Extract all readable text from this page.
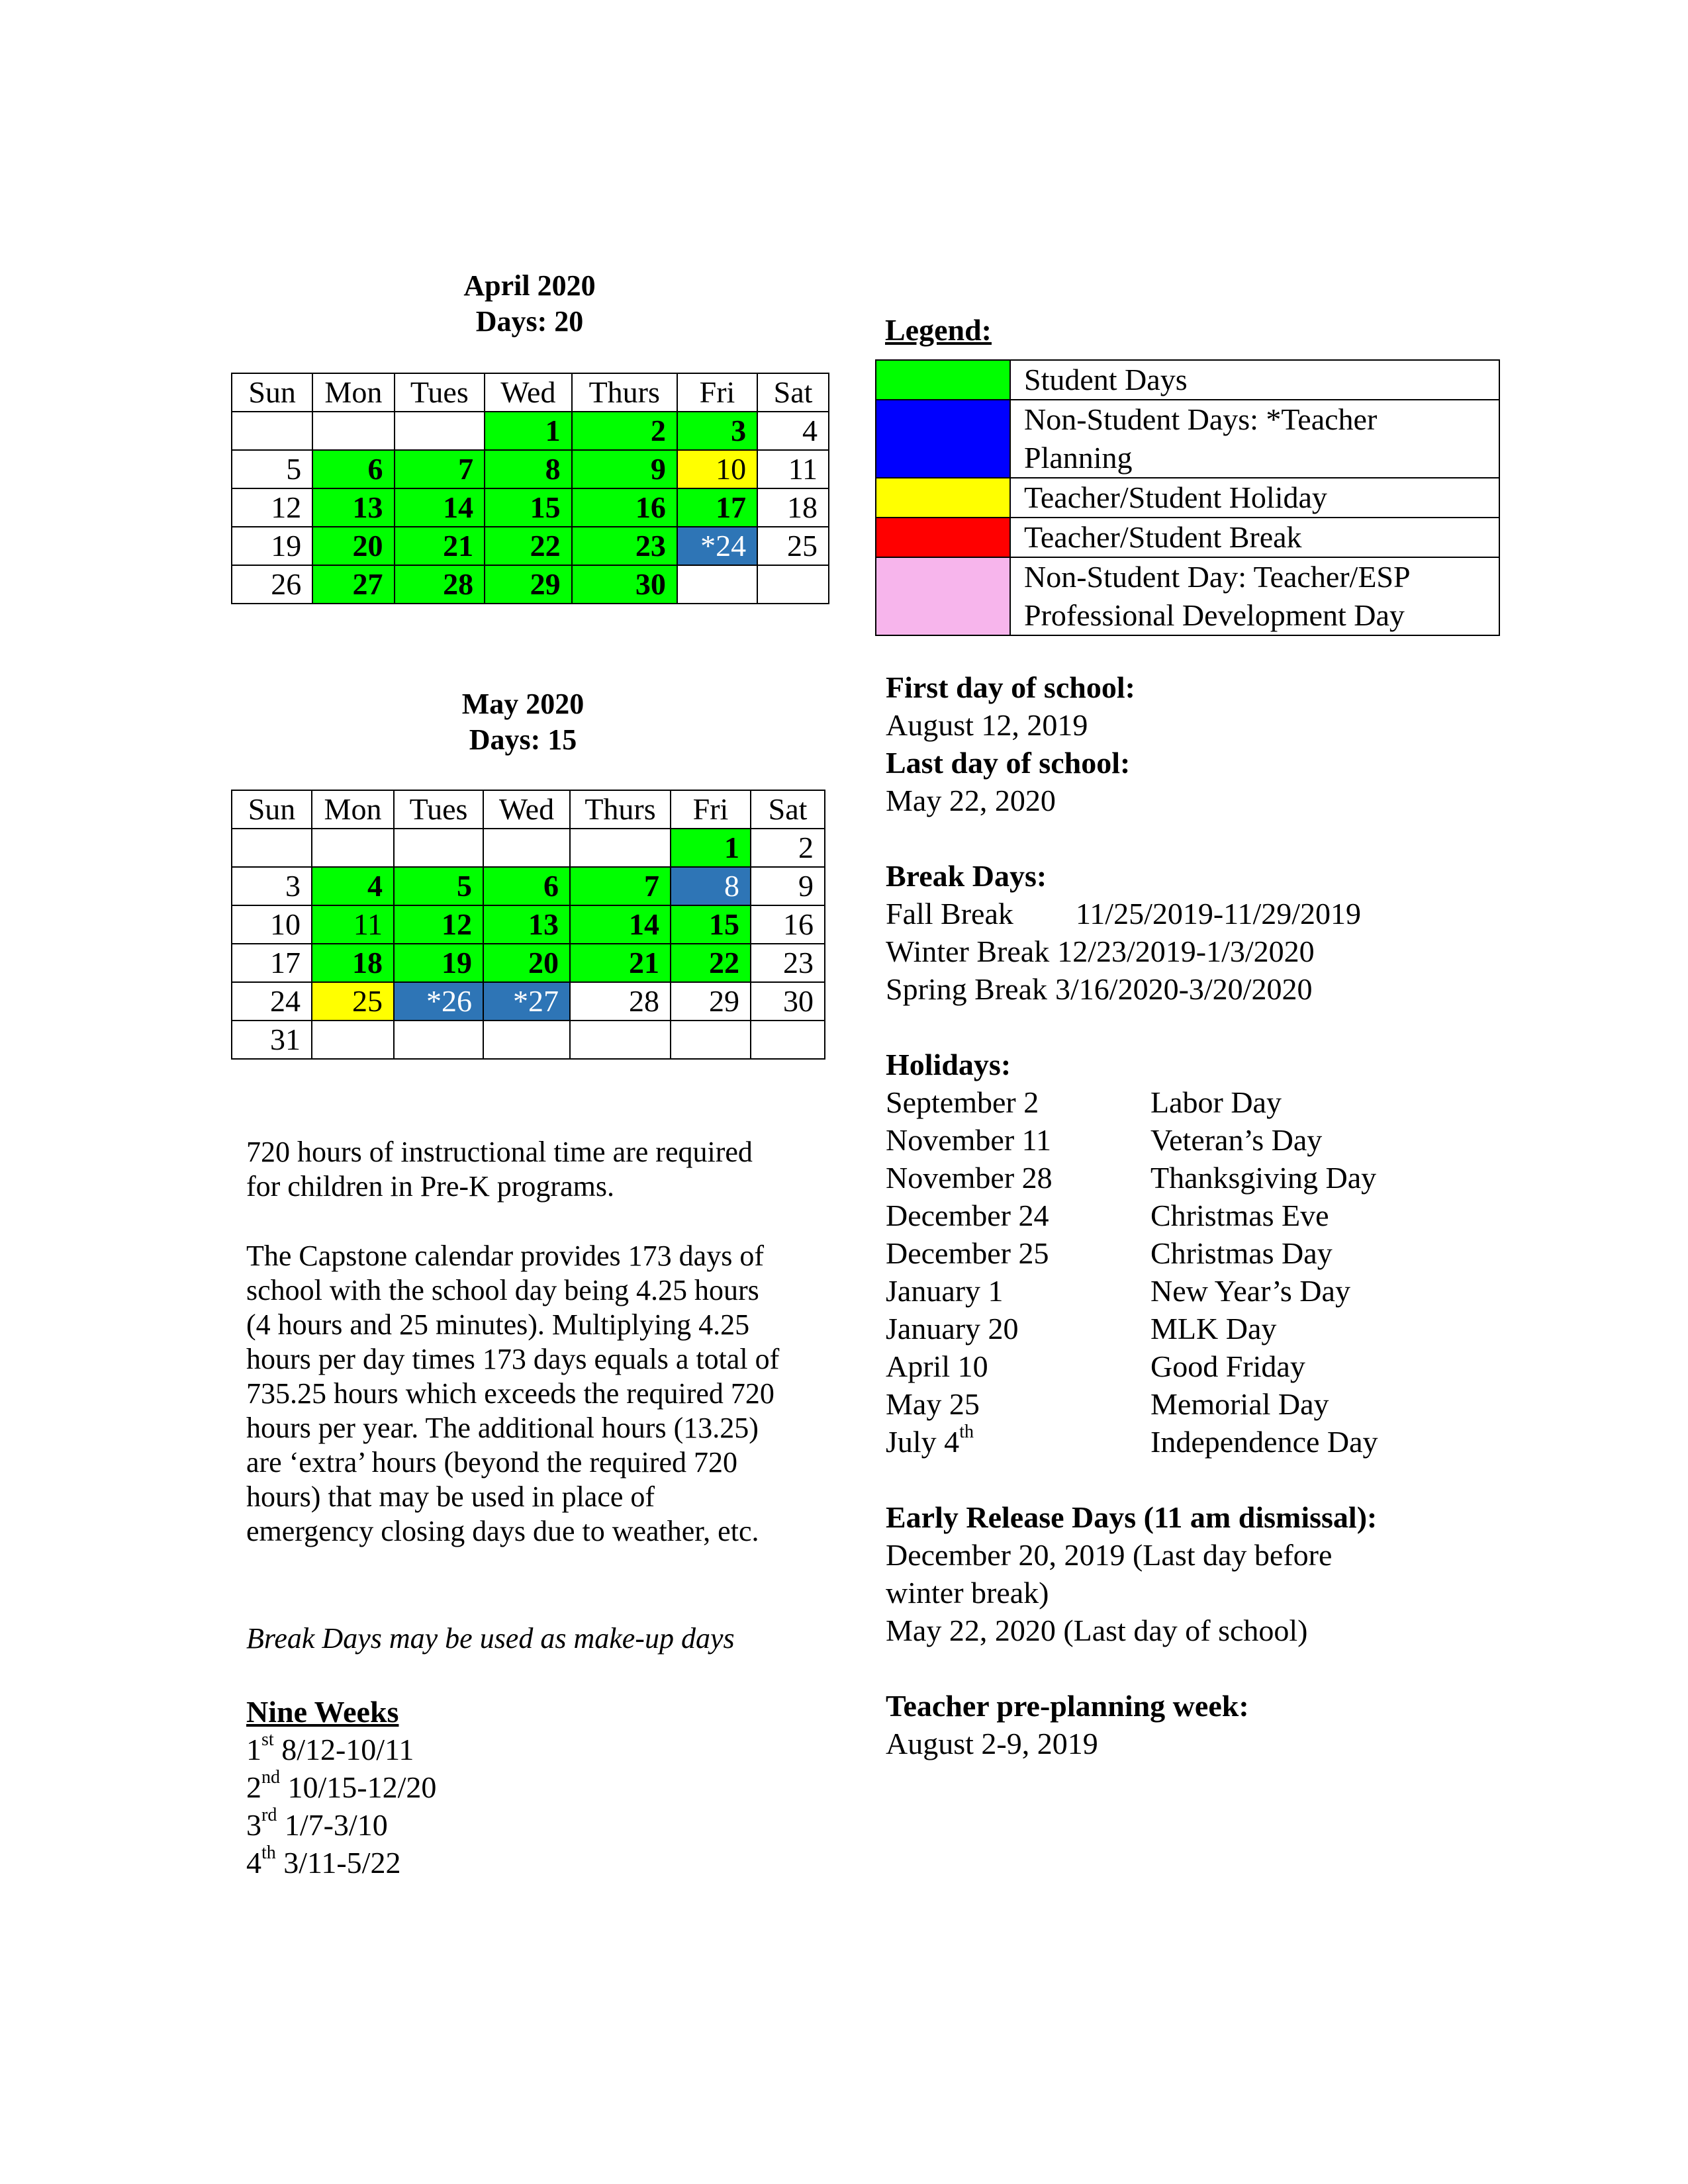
April 2020
Days: 20
Sun	Mon	Tues	Wed	Thurs	Fri	Sat
			1	2	3	4
5	6	7	8	9	10	11
12	13	14	15	16	17	18
19	20	21	22	23	*24	25
26	27	28	29	30		
May 2020
Days: 15
Sun	Mon	Tues	Wed	Thurs	Fri	Sat
					1	2
3	4	5	6	7	8	9
10	11	12	13	14	15	16
17	18	19	20	21	22	23
24	25	*26	*27	28	29	30
31						
720 hours of instructional time are required for children in Pre-K programs.
The Capstone calendar provides 173 days of school with the school day being 4.25 hours (4 hours and 25 minutes). Multiplying 4.25 hours per day times 173 days equals a total of 735.25 hours which exceeds the required 720 hours per year. The additional hours (13.25) are ‘extra’ hours (beyond the required 720 hours) that may be used in place of emergency closing days due to weather, etc.
Break Days may be used as make-up days
Nine Weeks
1st 8/12-10/11
2nd 10/15-12/20
3rd 1/7-3/10
4th 3/11-5/22
Legend:
	Student Days
	Non-Student Days: *Teacher Planning
	Teacher/Student Holiday
	Teacher/Student Break
	Non-Student Day: Teacher/ESP Professional Development Day
First day of school:
August 12, 2019
Last day of school:
May 22, 2020
Break Days:
Fall Break	11/25/2019-11/29/2019
Winter Break 12/23/2019-1/3/2020
Spring Break 3/16/2020-3/20/2020
Holidays:
September 2	Labor Day
November 11	Veteran’s Day
November 28	Thanksgiving Day
December 24	Christmas Eve
December 25	Christmas Day
January 1	New Year’s Day
January 20	MLK Day
April 10	Good Friday
May 25	Memorial Day
July 4th	Independence Day
Early Release Days (11 am dismissal):
December 20, 2019 (Last day before winter break)
May 22, 2020 (Last day of school)
Teacher pre-planning week:
August 2-9, 2019
